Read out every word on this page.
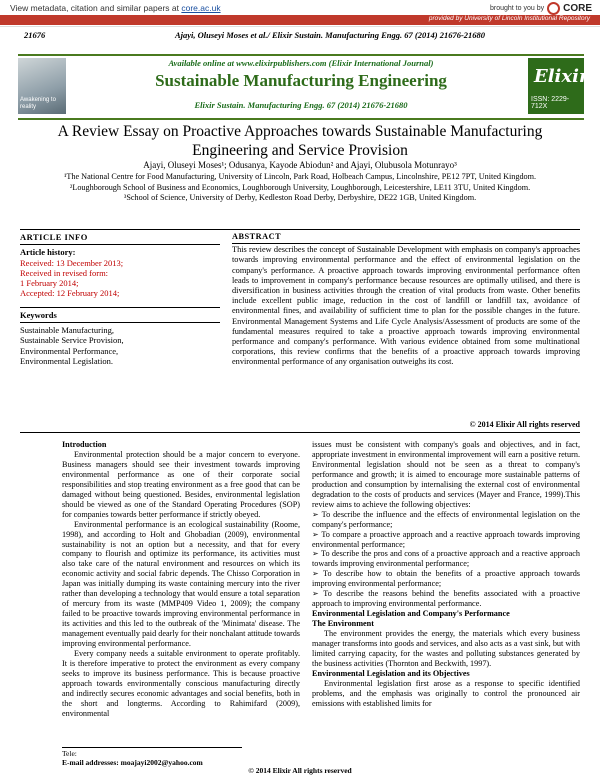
View metadata, citation and similar papers at core.ac.uk	brought to you by CORE
provided by University of Lincoln Institutional Repository
21676	Ajayi, Oluseyi Moses et al./ Elixir Sustain. Manufacturing Engg. 67 (2014) 21676-21680
Awakening to reality
Available online at www.elixirpublishers.com (Elixir International Journal)
Sustainable Manufacturing Engineering
Elixir Sustain. Manufacturing Engg. 67 (2014) 21676-21680
Elixir
ISSN: 2229-712X
A Review Essay on Proactive Approaches towards Sustainable Manufacturing Engineering and Service Provision
Ajayi, Oluseyi Moses¹; Odusanya, Kayode Abiodun² and Ajayi, Olubusola Motunrayo³
¹The National Centre for Food Manufacturing, University of Lincoln, Park Road, Holbeach Campus, Lincolnshire, PE12 7PT, United Kingdom.
²Loughborough School of Business and Economics, Loughborough University, Loughborough, Leicestershire, LE11 3TU, United Kingdom.
³School of Science, University of Derby, Kedleston Road Derby, Derbyshire, DE22 1GB, United Kingdom.
ARTICLE INFO
Article history:
Received: 13 December 2013;
Received in revised form:
1 February 2014;
Accepted: 12 February 2014;
Keywords
Sustainable Manufacturing,
Sustainable Service Provision,
Environmental Performance,
Environmental Legislation.
ABSTRACT
This review describes the concept of Sustainable Development with emphasis on company's approaches towards improving environmental performance and the effect of environmental legislation on the company's performance. A proactive approach towards improving environmental performance often leads to improvement in company's performance because resources are optimally utilised, and there is diversification in business activities through the creation of vital products from waste. Other benefits include excellent public image, reduction in the cost of landfill or landfill tax, avoidance of environmental fines, and availability of sufficient time to plan for the possible changes in the future. Environmental Management Systems and Life Cycle Analysis/Assessment of products are some of the fundamental measures required to take a proactive approach towards improving environmental performance and company's performance. With various evidence obtained from some multinational corporations, this review confirms that the benefits of a proactive approach towards improving environmental performance of any organisation outweighs its cost.
© 2014 Elixir All rights reserved
Introduction

Environmental protection should be a major concern to everyone. Business managers should see their investment towards improving environmental performance as one of their corporate social responsibilities and stop treating environment as a free good that can be damaged without being questioned. Besides, environmental legislation should be viewed as one of the Standard Operating Procedures (SOP) for companies towards better performance if strictly obeyed.

Environmental performance is an ecological sustainability (Roome, 1998), and according to Holt and Ghobadian (2009), environmental sustainability is not an option but a necessity, and that for every company to flourish and optimize its performance, its activities must also take care of the natural environment and resources on which its economic activity and social fabric depends. The Chisso Corporation in Japan was initially dumping its waste containing mercury into the river rather than developing a technology that would ensure a total separation of mercury from its waste (MMP409 Video 1, 2009); the company failed to be proactive towards improving environmental performance in its activities and this led to the outbreak of the 'Minimata' disease. The management eventually paid dearly for their nonchalant attitude towards improving environmental performance.

Every company needs a suitable environment to operate profitably. It is therefore imperative to protect the environment as every company seeks to improve its business performance. This is because proactive approach towards environmentally conscious manufacturing directly and indirectly secures economic advantages and social benefits, both in the short and longterms. According to Rahimifard (2009), environmental

issues must be consistent with company's goals and objectives, and in fact, appropriate investment in environmental improvement will earn a positive return. Environmental legislation should not be seen as a threat to company's performance and growth; it is aimed to encourage more sustainable patterns of production and consumption by internalising the external cost of environmental degradation to the costs of products and services (Mayer and France, 1999).This review aims to achieve the following objectives:

➢ To describe the influence and the effects of environmental legislation on the company's performance;
➢ To compare a proactive approach and a reactive approach towards improving environmental performance;
➢ To describe the pros and cons of a proactive approach and a reactive approach towards improving environmental performance;
➢ To describe how to obtain the benefits of a proactive approach towards improving environmental performance;
➢ To describe the reasons behind the benefits associated with a proactive approach to improving environmental performance.
Environmental Legislation and Company's Performance
The Environment

The environment provides the energy, the materials which every business manager transforms into goods and services, and also acts as a vast sink, but with limited carrying capacity, for the wastes and polluting substances generated by the business activities (Thornton and Beckwith, 1997).

Environmental Legislation and its Objectives

Environmental legislation first arose as a response to specific identified problems, and the emphasis was originally to control the pronounced air emissions with established limits for

Tele:
E-mail addresses: moajayi2002@yahoo.com
© 2014 Elixir All rights reserved
